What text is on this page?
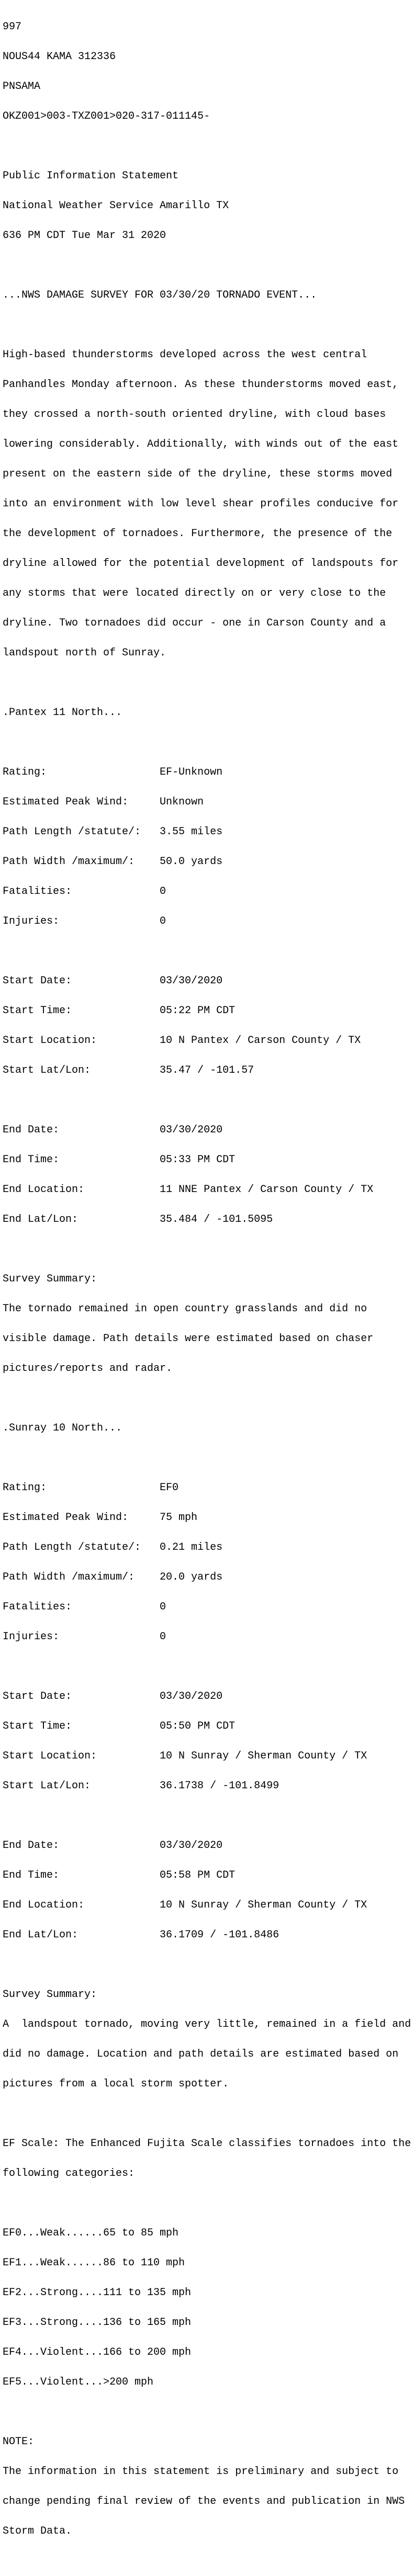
997

NOUS44 KAMA 312336

PNSAMA

OKZ001>003-TXZ001>020-317-011145-

Public Information Statement

National Weather Service Amarillo TX

636 PM CDT Tue Mar 31 2020

...NWS DAMAGE SURVEY FOR 03/30/20 TORNADO EVENT...

High-based thunderstorms developed across the west central

Panhandles Monday afternoon. As these thunderstorms moved east,

they crossed a north-south oriented dryline, with cloud bases

lowering considerably. Additionally, with winds out of the east

present on the eastern side of the dryline, these storms moved

into an environment with low level shear profiles conducive for

the development of tornadoes. Furthermore, the presence of the

dryline allowed for the potential development of landspouts for

any storms that were located directly on or very close to the

dryline. Two tornadoes did occur - one in Carson County and a

landspout north of Sunray.

.Pantex 11 North...

Rating:                  EF-Unknown

Estimated Peak Wind:     Unknown

Path Length /statute/:   3.55 miles

Path Width /maximum/:    50.0 yards

Fatalities:              0

Injuries:                0

Start Date:              03/30/2020

Start Time:              05:22 PM CDT

Start Location:          10 N Pantex / Carson County / TX

Start Lat/Lon:           35.47 / -101.57

End Date:                03/30/2020

End Time:                05:33 PM CDT

End Location:            11 NNE Pantex / Carson County / TX

End Lat/Lon:             35.484 / -101.5095

Survey Summary:

The tornado remained in open country grasslands and did no

visible damage. Path details were estimated based on chaser

pictures/reports and radar.

.Sunray 10 North...

Rating:                  EF0

Estimated Peak Wind:     75 mph

Path Length /statute/:   0.21 miles

Path Width /maximum/:    20.0 yards

Fatalities:              0

Injuries:                0

Start Date:              03/30/2020

Start Time:              05:50 PM CDT

Start Location:          10 N Sunray / Sherman County / TX

Start Lat/Lon:           36.1738 / -101.8499

End Date:                03/30/2020

End Time:                05:58 PM CDT

End Location:            10 N Sunray / Sherman County / TX

End Lat/Lon:             36.1709 / -101.8486

Survey Summary:

A  landspout tornado, moving very little, remained in a field and

did no damage. Location and path details are estimated based on

pictures from a local storm spotter.

EF Scale: The Enhanced Fujita Scale classifies tornadoes into the

following categories:

EF0...Weak......65 to 85 mph

EF1...Weak......86 to 110 mph

EF2...Strong....111 to 135 mph

EF3...Strong....136 to 165 mph

EF4...Violent...166 to 200 mph

EF5...Violent...>200 mph

NOTE:

The information in this statement is preliminary and subject to

change pending final review of the events and publication in NWS

Storm Data.
